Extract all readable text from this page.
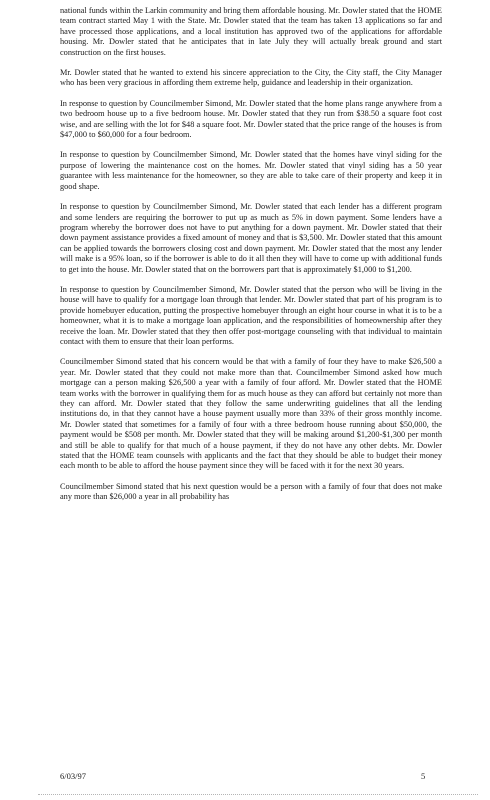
national funds within the Larkin community and bring them affordable housing. Mr. Dowler stated that the HOME team contract started May 1 with the State. Mr. Dowler stated that the team has taken 13 applications so far and have processed those applications, and a local institution has approved two of the applications for affordable housing. Mr. Dowler stated that he anticipates that in late July they will actually break ground and start construction on the first houses.

Mr. Dowler stated that he wanted to extend his sincere appreciation to the City, the City staff, the City Manager who has been very gracious in affording them extreme help, guidance and leadership in their organization.

In response to question by Councilmember Simond, Mr. Dowler stated that the home plans range anywhere from a two bedroom house up to a five bedroom house. Mr. Dowler stated that they run from $38.50 a square foot cost wise, and are selling with the lot for $48 a square foot. Mr. Dowler stated that the price range of the houses is from $47,000 to $60,000 for a four bedroom.

In response to question by Councilmember Simond, Mr. Dowler stated that the homes have vinyl siding for the purpose of lowering the maintenance cost on the homes. Mr. Dowler stated that vinyl siding has a 50 year guarantee with less maintenance for the homeowner, so they are able to take care of their property and keep it in good shape.

In response to question by Councilmember Simond, Mr. Dowler stated that each lender has a different program and some lenders are requiring the borrower to put up as much as 5% in down payment. Some lenders have a program whereby the borrower does not have to put anything for a down payment. Mr. Dowler stated that their down payment assistance provides a fixed amount of money and that is $3,500. Mr. Dowler stated that this amount can be applied towards the borrowers closing cost and down payment. Mr. Dowler stated that the most any lender will make is a 95% loan, so if the borrower is able to do it all then they will have to come up with additional funds to get into the house. Mr. Dowler stated that on the borrowers part that is approximately $1,000 to $1,200.

In response to question by Councilmember Simond, Mr. Dowler stated that the person who will be living in the house will have to qualify for a mortgage loan through that lender. Mr. Dowler stated that part of his program is to provide homebuyer education, putting the prospective homebuyer through an eight hour course in what it is to be a homeowner, what it is to make a mortgage loan application, and the responsibilities of homeownership after they receive the loan. Mr. Dowler stated that they then offer post-mortgage counseling with that individual to maintain contact with them to ensure that their loan performs.

Councilmember Simond stated that his concern would be that with a family of four they have to make $26,500 a year. Mr. Dowler stated that they could not make more than that. Councilmember Simond asked how much mortgage can a person making $26,500 a year with a family of four afford. Mr. Dowler stated that the HOME team works with the borrower in qualifying them for as much house as they can afford but certainly not more than they can afford. Mr. Dowler stated that they follow the same underwriting guidelines that all the lending institutions do, in that they cannot have a house payment usually more than 33% of their gross monthly income. Mr. Dowler stated that sometimes for a family of four with a three bedroom house running about $50,000, the payment would be $508 per month. Mr. Dowler stated that they will be making around $1,200-$1,300 per month and still be able to qualify for that much of a house payment, if they do not have any other debts. Mr. Dowler stated that the HOME team counsels with applicants and the fact that they should be able to budget their money each month to be able to afford the house payment since they will be faced with it for the next 30 years.

Councilmember Simond stated that his next question would be a person with a family of four that does not make any more than $26,000 a year in all probability has

6/03/97	5
